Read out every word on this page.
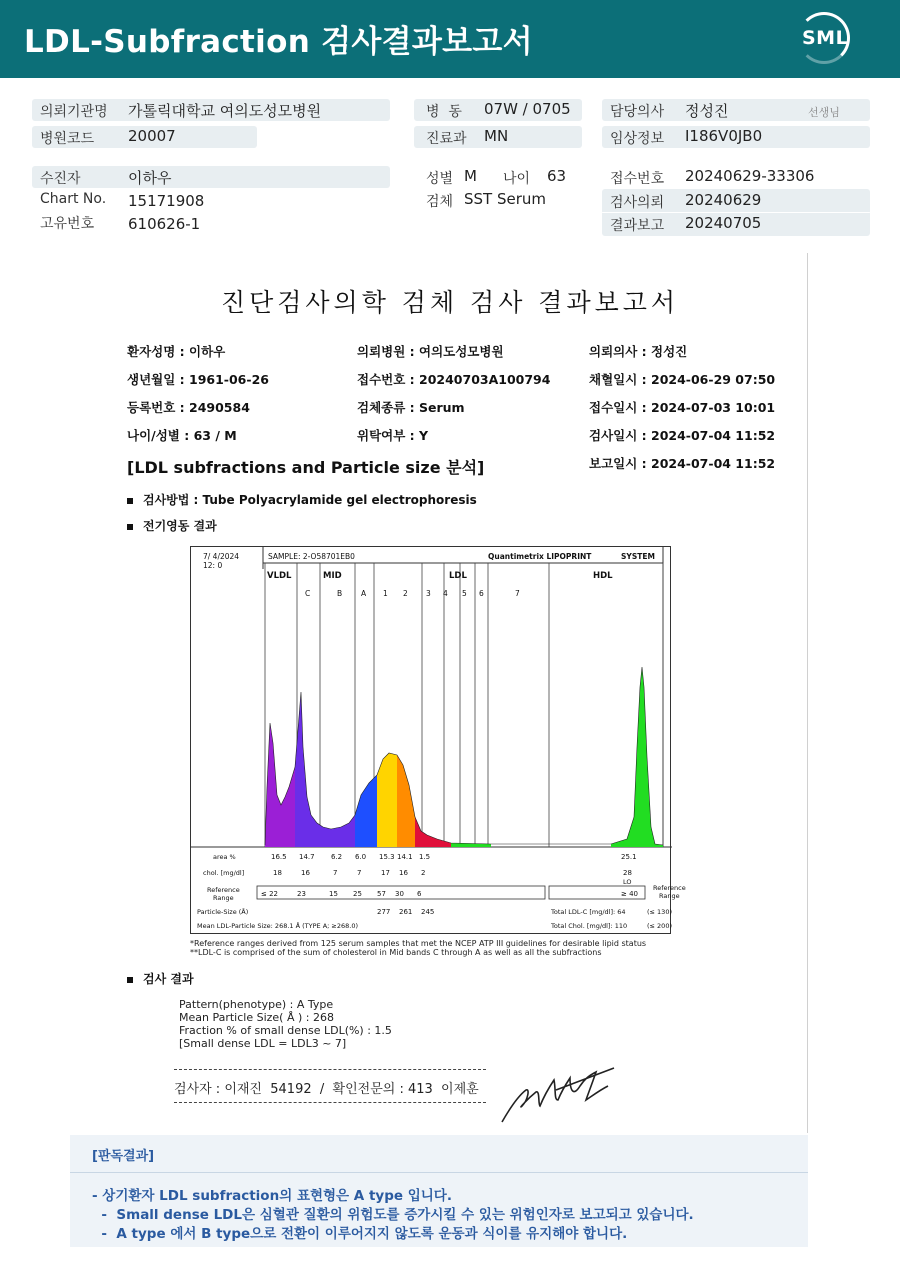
LDL-Subfraction 검사결과보고서	SML
의뢰기관명 가톨릭대학교 여의도성모병원
병원코드 20007
병  동 07W / 0705
진료과 MN
담당의사 정성진	선생님
임상정보 I186V0JB0
수진자	이하우
Chart No. 15171908
고유번호 610626-1
성별 M 나이 63
검체 SST Serum
접수번호 20240629-33306
검사의뢰 20240629
결과보고 20240705
진단검사의학 검체 검사 결과보고서
환자성명 : 이하우	의뢰병원 : 여의도성모병원	의뢰의사 : 정성진
생년월일 : 1961-06-26	접수번호 : 20240703A100794	채혈일시 : 2024-06-29 07:50
등록번호 : 2490584	검체종류 : Serum	접수일시 : 2024-07-03 10:01
나이/성별 : 63 / M	위탁여부 : Y	검사일시 : 2024-07-04 11:52
보고일시 : 2024-07-04 11:52
[LDL subfractions and Particle size 분석]
검사방법 : Tube Polyacrylamide gel electrophoresis
전기영동 결과
7/ 4/2024
12: 0
SAMPLE: 2-O58701EB0	Quantimetrix LIPOPRINT	SYSTEM
VLDL	MID	LDL	HDL
C	B	A 1 2 3 4 5 6	7
area %	16.5 14.7 6.2 6.0 15.3 14.1 1.5	25.1
chol. [mg/dl]	18	16	7	7	17 16 2	28
LO
Reference
Range	≤ 22	23	15 25 57 30 6	≥ 40
Reference
Range
Particle-Size (Å)	277 261 245
Mean LDL-Particle Size: 268.1 Å (TYPE A; ≥268.0)
Total LDL-C [mg/dl]: 64	(≤ 130)
Total Chol. [mg/dl]: 110	(≤ 200)
*Reference ranges derived from 125 serum samples that met the NCEP ATP III guidelines for desirable lipid status
**LDL-C is comprised of the sum of cholesterol in Mid bands C through A as well as all the subfractions
검사 결과
Pattern(phenotype) : A Type
Mean Particle Size( Å ) : 268
Fraction % of small dense LDL(%) : 1.5
[Small dense LDL = LDL3 ~ 7]
검사자 : 이재진  54192  /  확인전문의 : 413  이제훈
[판독결과]
- 상기환자 LDL subfraction의 표현형은 A type 입니다.
-  Small dense LDL은 심혈관 질환의 위험도를 증가시킬 수 있는 위험인자로 보고되고 있습니다.
-  A type 에서 B type으로 전환이 이루어지지 않도록 운동과 식이를 유지해야 합니다.
